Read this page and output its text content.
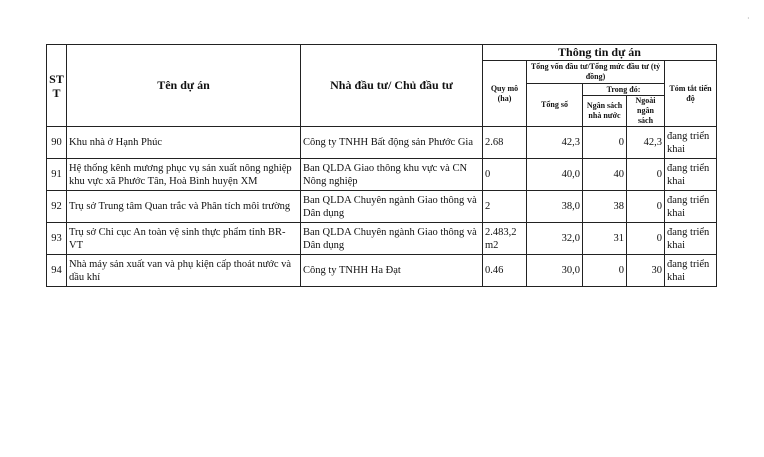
·
ST T	Tên dự án	Nhà đầu tư/ Chủ đầu tư	Thông tin dự án				
			Quy mô (ha)	Tổng vốn đầu tư/Tổng mức đầu tư (tỷ đồng)			Tóm tắt tiến độ
				Tổng số	Trong đó:		
					Ngân sách nhà nước	Ngoài ngân sách	
90	Khu nhà ở Hạnh Phúc	Công ty TNHH Bất động sản Phước Gia	2.68	42,3	0	42,3	đang triển khai
91	Hệ thống kênh mương phục vụ sản xuất nông nghiệp khu vực xã Phước Tân, Hoà Bình huyện XM	Ban QLDA Giao thông khu vực và CN Nông nghiệp	0	40,0	40	0	đang triển khai
92	Trụ sở Trung tâm Quan trắc và Phân tích môi trường	Ban QLDA Chuyên ngành Giao thông và Dân dụng	2	38,0	38	0	đang triển khai
93	Trụ sở Chi cục An toàn vệ sinh thực phẩm tỉnh BR-VT	Ban QLDA Chuyên ngành Giao thông và Dân dụng	2.483,2m2	32,0	31	0	đang triển khai
94	Nhà máy sản xuất van và phụ kiện cấp thoát nước và dầu khí	Công ty TNHH Ha Đạt	0.46	30,0	0	30	đang triển khai
